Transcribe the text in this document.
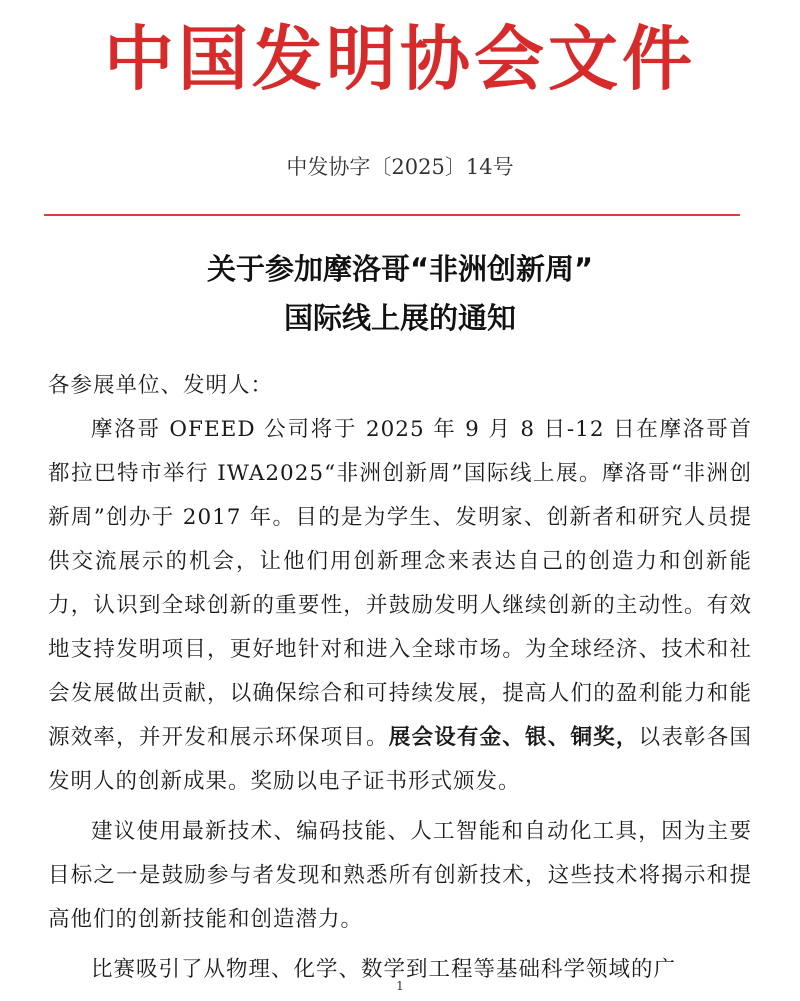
中国发明协会文件
中发协字〔2025〕14号
关于参加摩洛哥“非洲创新周”
国际线上展的通知

各参展单位、发明人：

摩洛哥 OFEED 公司将于 2025 年 9 月 8 日-12 日在摩洛哥首都拉巴特市举行 IWA2025“非洲创新周”国际线上展。摩洛哥“非洲创新周”创办于 2017 年。目的是为学生、发明家、创新者和研究人员提供交流展示的机会，让他们用创新理念来表达自己的创造力和创新能力，认识到全球创新的重要性，并鼓励发明人继续创新的主动性。有效地支持发明项目，更好地针对和进入全球市场。为全球经济、技术和社会发展做出贡献，以确保综合和可持续发展，提高人们的盈利能力和能源效率，并开发和展示环保项目。展会设有金、银、铜奖，以表彰各国发明人的创新成果。奖励以电子证书形式颁发。

建议使用最新技术、编码技能、人工智能和自动化工具，因为主要目标之一是鼓励参与者发现和熟悉所有创新技术，这些技术将揭示和提高他们的创新技能和创造潜力。

比赛吸引了从物理、化学、数学到工程等基础科学领域的广

1
